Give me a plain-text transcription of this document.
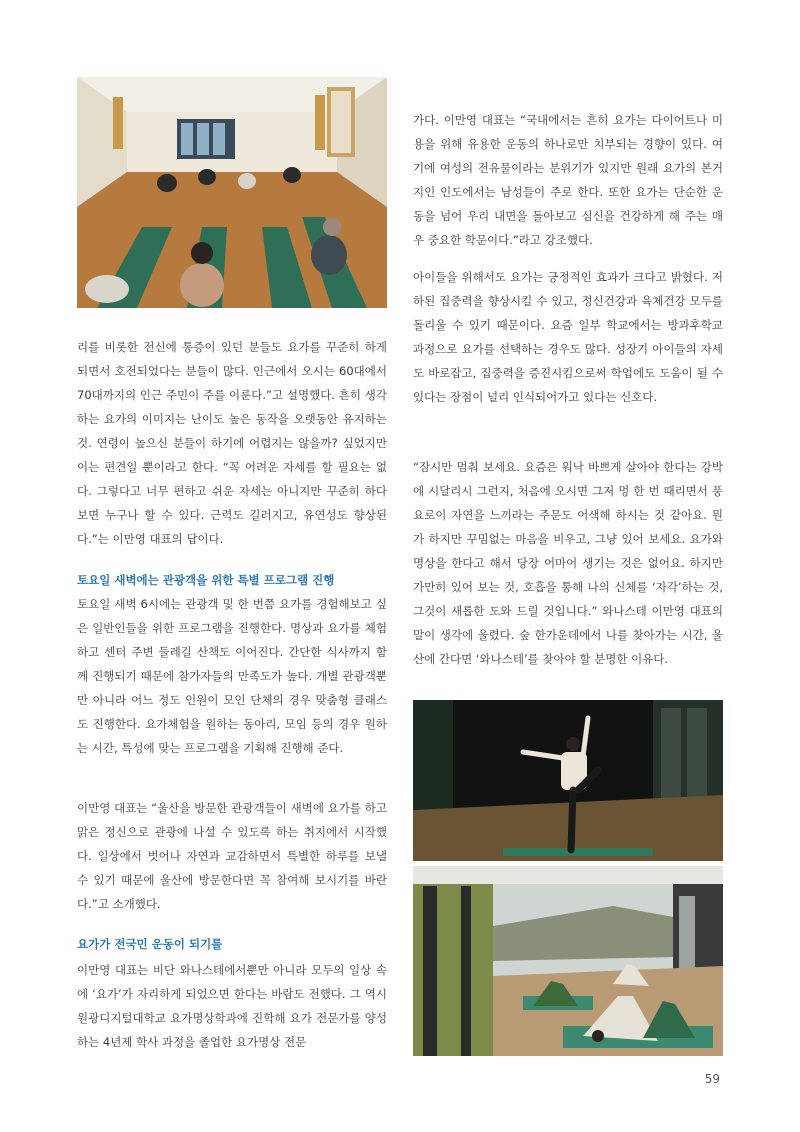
리를 비롯한 전신에 통증이 있던 분들도 요가를 꾸준히 하게 되면서 호전되었다는 분들이 많다. 인근에서 오시는 60대에서 70대까지의 인근 주민이 주를 이룬다.”고 설명했다. 흔히 생각하는 요가의 이미지는 난이도 높은 동작을 오랫동안 유지하는 것. 연령이 높으신 분들이 하기에 어렵지는 않을까? 싶었지만 이는 편견일 뿐이라고 한다. “꼭 어려운 자세를 할 필요는 없다. 그렇다고 너무 편하고 쉬운 자세는 아니지만 꾸준히 하다보면 누구나 할 수 있다. 근력도 길러지고, 유연성도 향상된다.”는 이만영 대표의 답이다.

토요일 새벽에는 관광객을 위한 특별 프로그램 진행

토요일 새벽 6시에는 관광객 및 한 번쯤 요가를 경험해보고 싶은 일반인들을 위한 프로그램을 진행한다. 명상과 요가를 체험하고 센터 주변 둘레길 산책도 이어진다. 간단한 식사까지 함께 진행되기 때문에 참가자들의 만족도가 높다. 개별 관광객뿐만 아니라 어느 정도 인원이 모인 단체의 경우 맞춤형 클래스도 진행한다. 요가체험을 원하는 동아리, 모임 등의 경우 원하는 시간, 특성에 맞는 프로그램을 기획해 진행해 준다.

이만영 대표는 “울산을 방문한 관광객들이 새벽에 요가를 하고 맑은 정신으로 관광에 나설 수 있도록 하는 취지에서 시작했다. 일상에서 벗어나 자연과 교감하면서 특별한 하루를 보낼 수 있기 때문에 울산에 방문한다면 꼭 참여해 보시기를 바란다.”고 소개했다.

요가가 전국민 운동이 되기를

이만영 대표는 비단 와나스테에서뿐만 아니라 모두의 일상 속에 ‘요가’가 자리하게 되었으면 한다는 바람도 전했다. 그 역시 원광디지털대학교 요가명상학과에 진학해 요가 전문가를 양성하는 4년제 학사 과정을 졸업한 요가명상 전문

가다. 이만영 대표는 “국내에서는 흔히 요가는 다이어트나 미용을 위해 유용한 운동의 하나로만 치부되는 경향이 있다. 여기에 여성의 전유물이라는 분위기가 있지만 원래 요가의 본거지인 인도에서는 남성들이 주로 한다. 또한 요가는 단순한 운동을 넘어 우리 내면을 돌아보고 심신을 건강하게 해 주는 매우 중요한 학문이다.”라고 강조했다.

아이들을 위해서도 요가는 긍정적인 효과가 크다고 밝혔다. 저하된 집중력을 향상시킬 수 있고, 정신건강과 육체건강 모두를 돌리울 수 있기 때문이다. 요즘 일부 학교에서는 방과후학교 과정으로 요가를 선택하는 경우도 많다. 성장기 아이들의 자세도 바로잡고, 집중력을 증진시킴으로써 학업에도 도움이 될 수 있다는 장점이 널리 인식되어가고 있다는 신호다.

“잠시만 멈춰 보세요. 요즘은 워낙 바쁘게 살아야 한다는 강박에 시달리시 그런지, 처음에 오시면 그저 멍 한 번 때리면서 풍요로이 자연을 느끼라는 주문도 어색해 하시는 것 같아요. 뭔가 하지만 꾸밈없는 마음을 비우고, 그냥 있어 보세요. 요가와 명상을 한다고 해서 당장 어마어 생기는 것은 없어요. 하지만 가만히 있어 보는 것, 호흡을 통해 나의 신체를 ‘자각’하는 것, 그것이 새롭한 도와 드릴 것입니다.” 와나스테 이만영 대표의 말이 생각에 울렸다. 숲 한가운데에서 나를 찾아가는 시간, 울산에 간다면 ‘와나스테’를 찾아야 할 분명한 이유다.

59
